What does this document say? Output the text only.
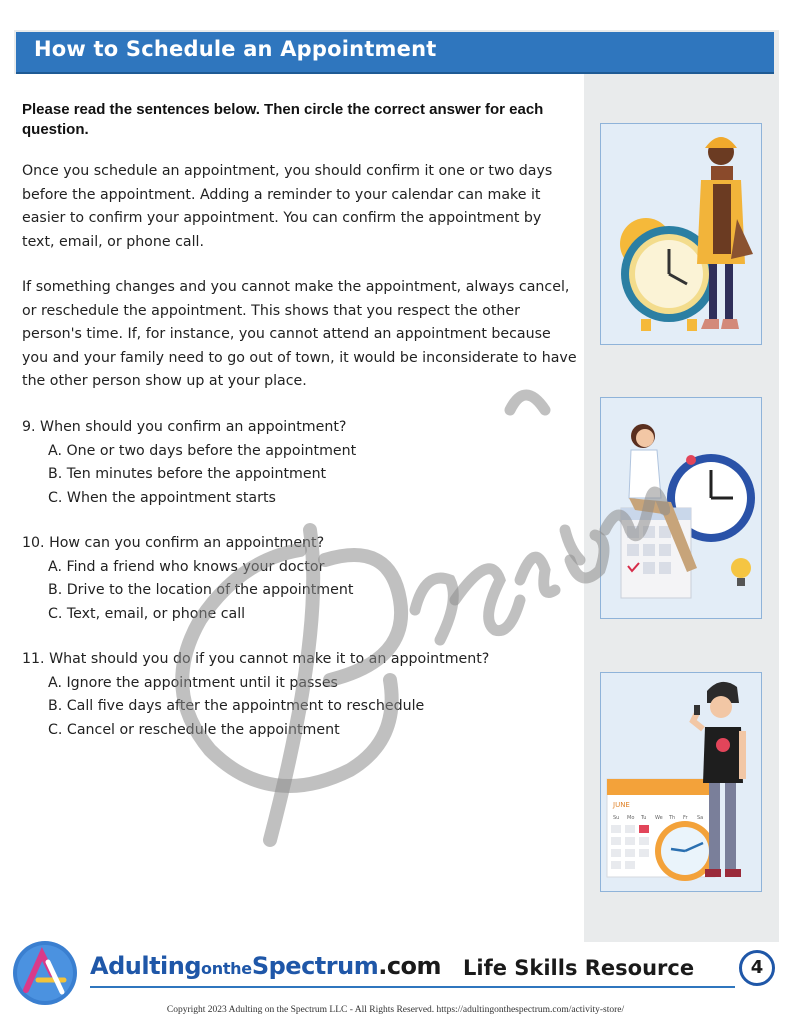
How to Schedule an Appointment
Please read the sentences below. Then circle the correct answer for each question.
Once you schedule an appointment, you should confirm it one or two days before the appointment. Adding a reminder to your calendar can make it easier to confirm your appointment. You can confirm the appointment by text, email, or phone call.
If something changes and you cannot make the appointment, always cancel, or reschedule the appointment. This shows that you respect the other person's time. If, for instance, you cannot attend an appointment because you and your family need to go out of town, it would be inconsiderate to have the other person show up at your place.
9. When should you confirm an appointment?
A. One or two days before the appointment
B. Ten minutes before the appointment
C. When the appointment starts
10. How can you confirm an appointment?
A. Find a friend who knows your doctor
B. Drive to the location of the appointment
C. Text, email, or phone call
11. What should you do if you cannot make it to an appointment?
A. Ignore the appointment until it passes
B. Call five days after the appointment to reschedule
C. Cancel or reschedule the appointment
JUNE
Su Mo Tu We Th Fr Sa
AdultingontheSpectrum.com Life Skills Resource	4
Copyright 2023 Adulting on the Spectrum LLC - All Rights Reserved. https://adultingonthespectrum.com/activity-store/
